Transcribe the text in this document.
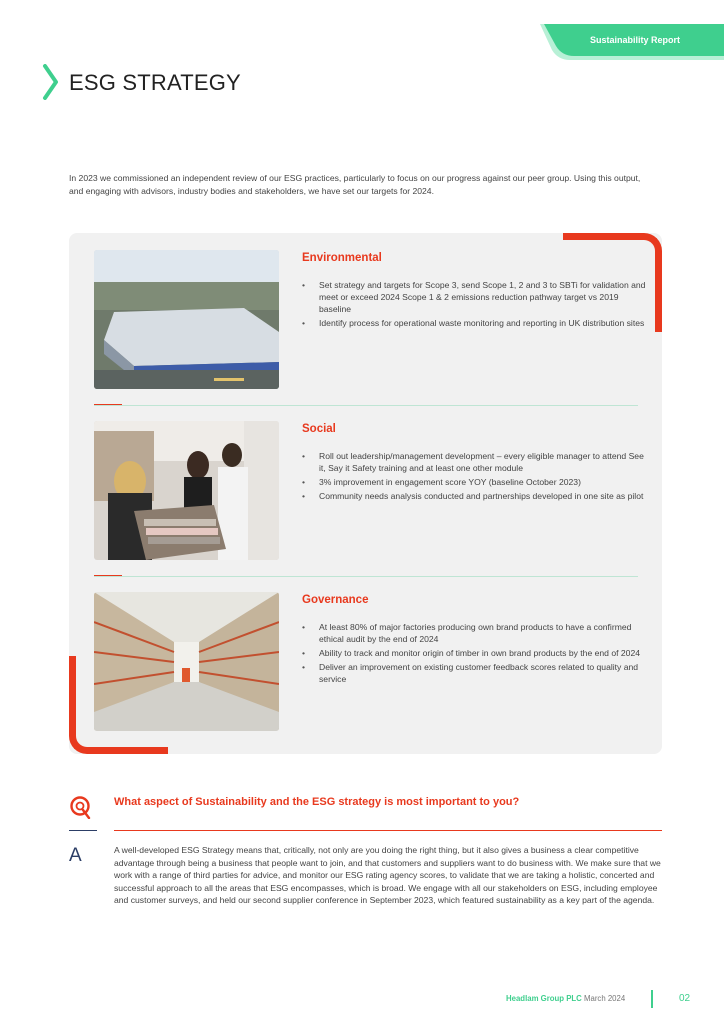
Sustainability Report
ESG STRATEGY
In 2023 we commissioned an independent review of our ESG practices, particularly to focus on our progress against our peer group. Using this output, and engaging with advisors, industry bodies and stakeholders, we have set our targets for 2024.
Environmental
• Set strategy and targets for Scope 3, send Scope 1, 2 and 3 to SBTi for validation and meet or exceed 2024 Scope 1 & 2 emissions reduction pathway target vs 2019 baseline
• Identify process for operational waste monitoring and reporting in UK distribution sites
Social
• Roll out leadership/management development – every eligible manager to attend See it, Say it Safety training and at least one other module
• 3% improvement in engagement score YOY (baseline October 2023)
• Community needs analysis conducted and partnerships developed in one site as pilot
Governance
• At least 80% of major factories producing own brand products to have a confirmed ethical audit by the end of 2024
• Ability to track and monitor origin of timber in own brand products by the end of 2024
• Deliver an improvement on existing customer feedback scores related to quality and service
What aspect of Sustainability and the ESG strategy is most important to you?
A	A well-developed ESG Strategy means that, critically, not only are you doing the right thing, but it also gives a business a clear competitive advantage through being a business that people want to join, and that customers and suppliers want to do business with. We make sure that we work with a range of third parties for advice, and monitor our ESG rating agency scores, to validate that we are taking a holistic, concerted and successful approach to all the areas that ESG encompasses, which is broad. We engage with all our stakeholders on ESG, including employee and customer surveys, and held our second supplier conference in September 2023, which featured sustainability as a key part of the agenda.
Headlam Group PLC March 2024	02
